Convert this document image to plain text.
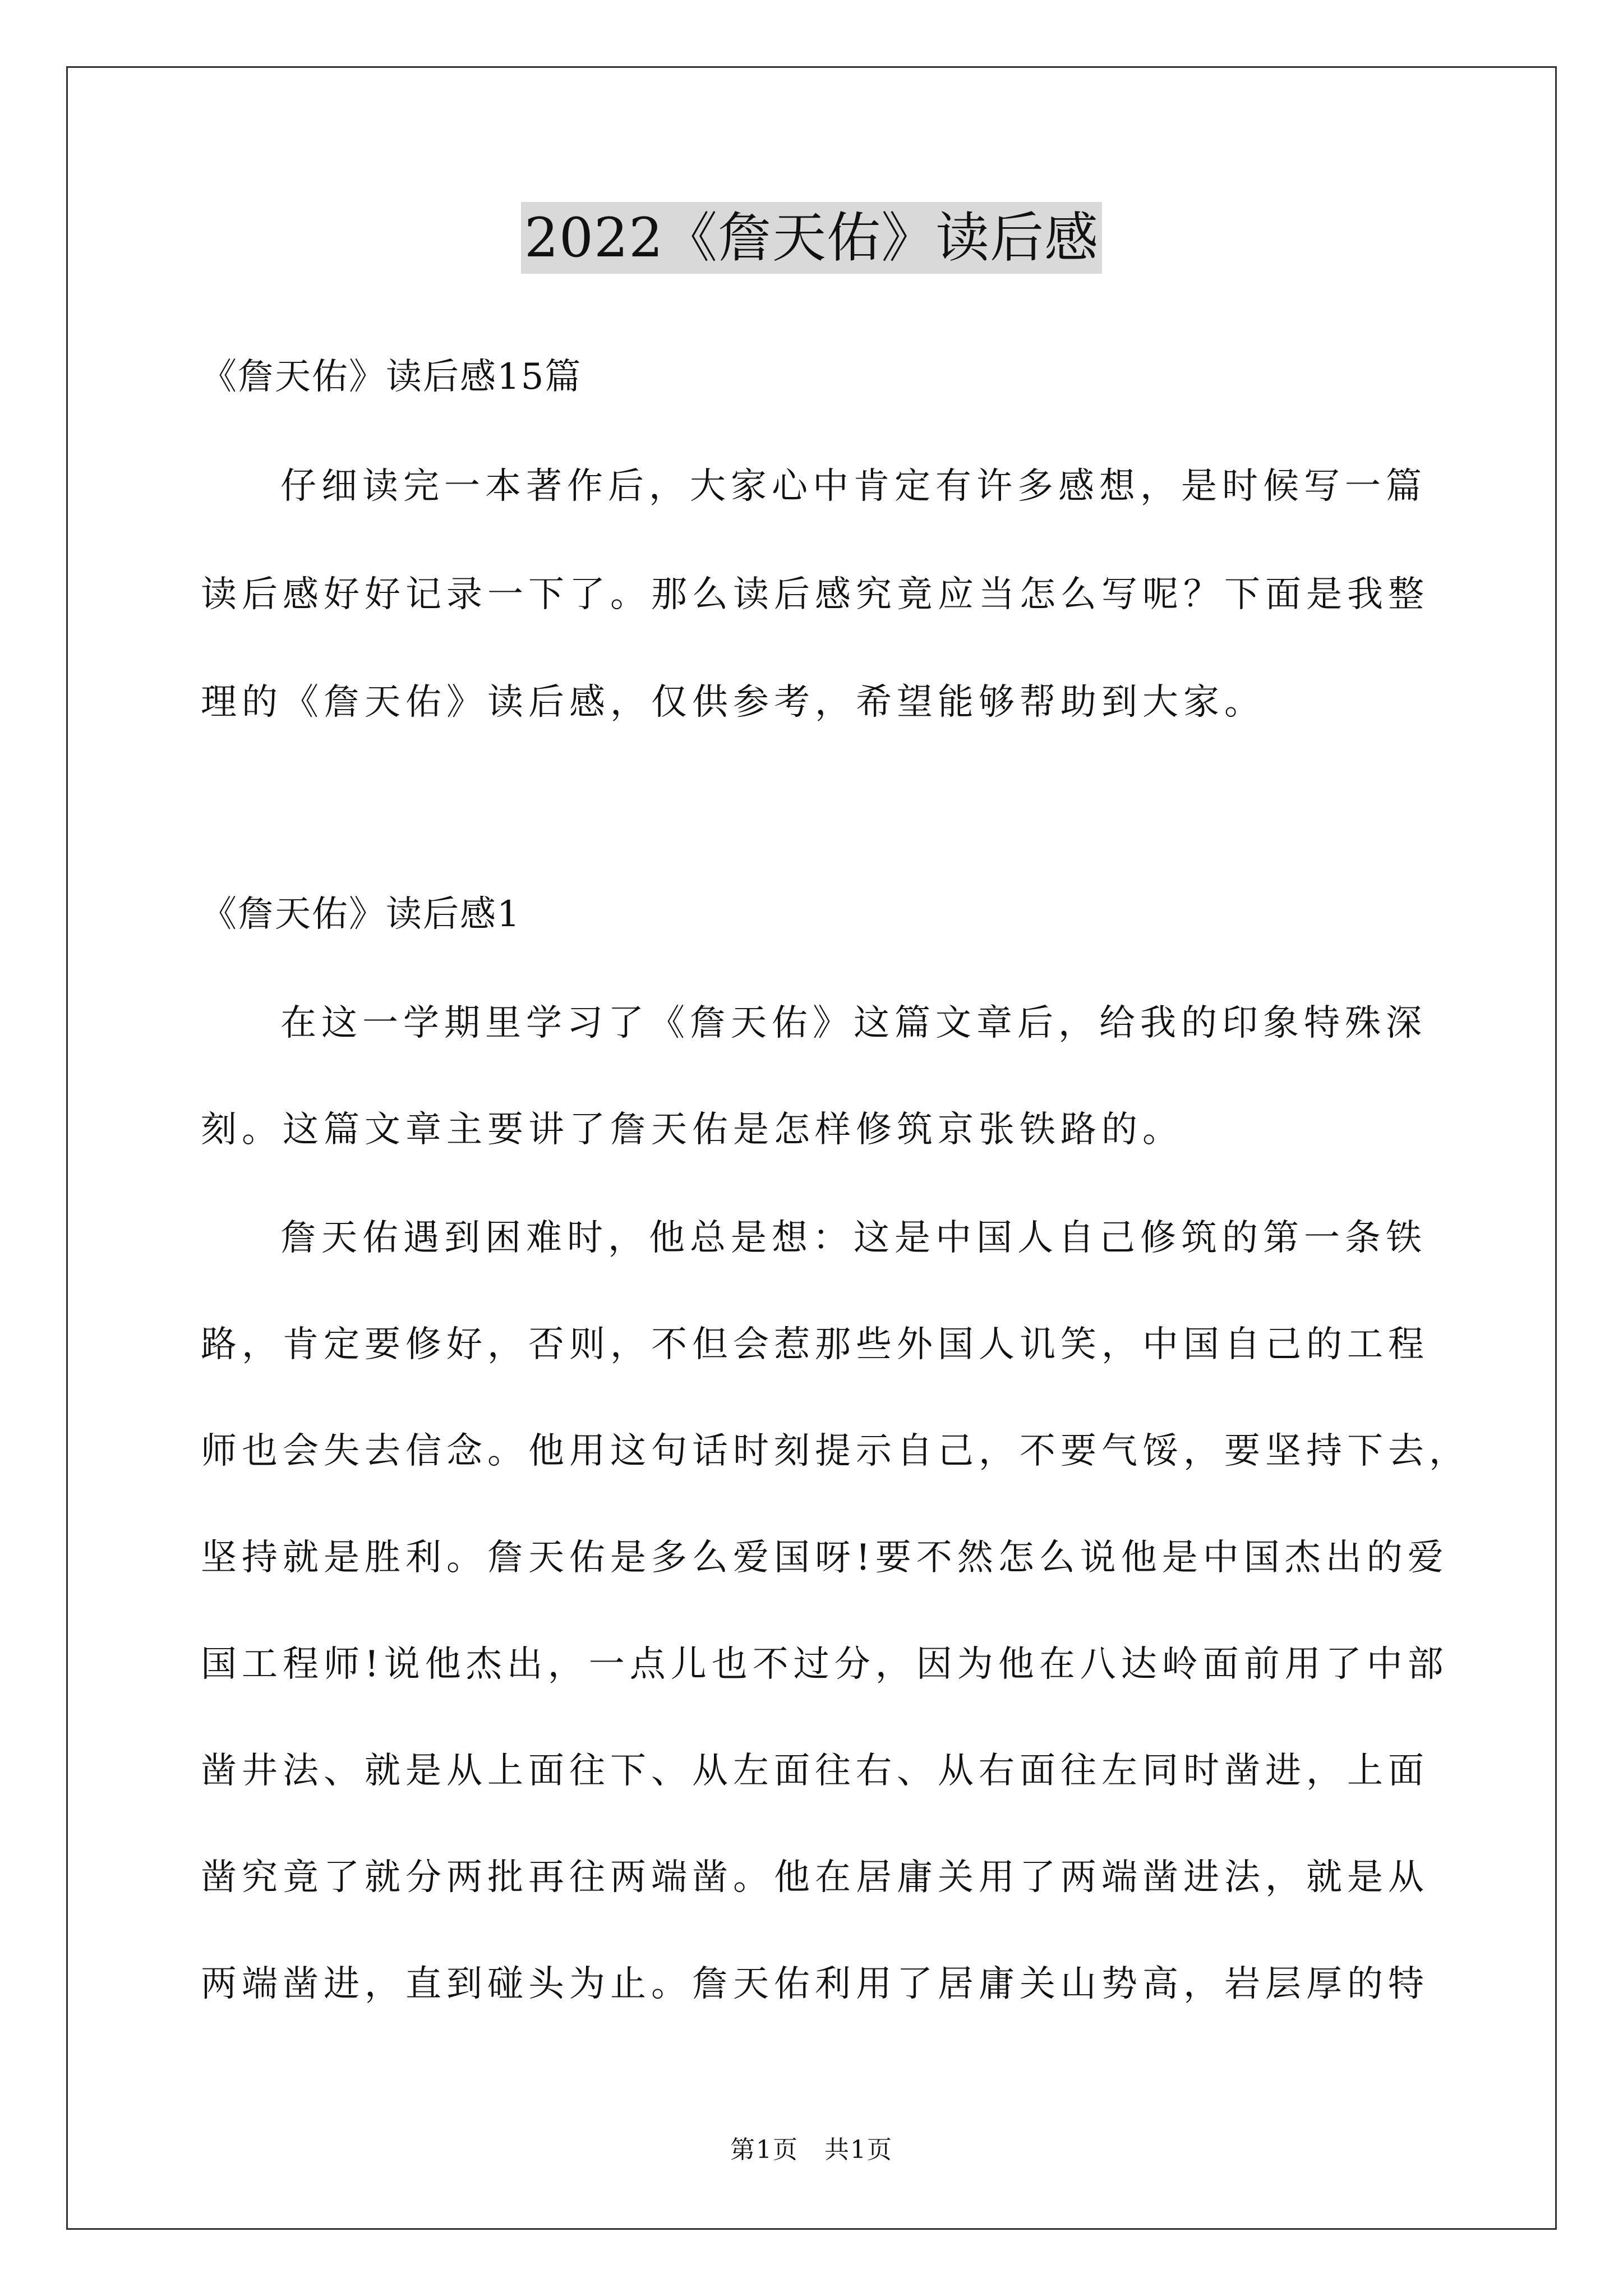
2022《詹天佑》读后感
《詹天佑》读后感15篇
仔细读完一本著作后，大家心中肯定有许多感想，是时候写一篇
读后感好好记录一下了。那么读后感究竟应当怎么写呢？下面是我整
理的《詹天佑》读后感，仅供参考，希望能够帮助到大家。
《詹天佑》读后感1
在这一学期里学习了《詹天佑》这篇文章后，给我的印象特殊深
刻。这篇文章主要讲了詹天佑是怎样修筑京张铁路的。
詹天佑遇到困难时，他总是想：这是中国人自己修筑的第一条铁
路，肯定要修好，否则，不但会惹那些外国人讥笑，中国自己的工程
师也会失去信念。他用这句话时刻提示自己，不要气馁，要坚持下去，
坚持就是胜利。詹天佑是多么爱国呀!要不然怎么说他是中国杰出的爱
国工程师!说他杰出，一点儿也不过分，因为他在八达岭面前用了中部
凿井法、就是从上面往下、从左面往右、从右面往左同时凿进，上面
凿究竟了就分两批再往两端凿。他在居庸关用了两端凿进法，就是从
两端凿进，直到碰头为止。詹天佑利用了居庸关山势高，岩层厚的特
第1页　共1页
